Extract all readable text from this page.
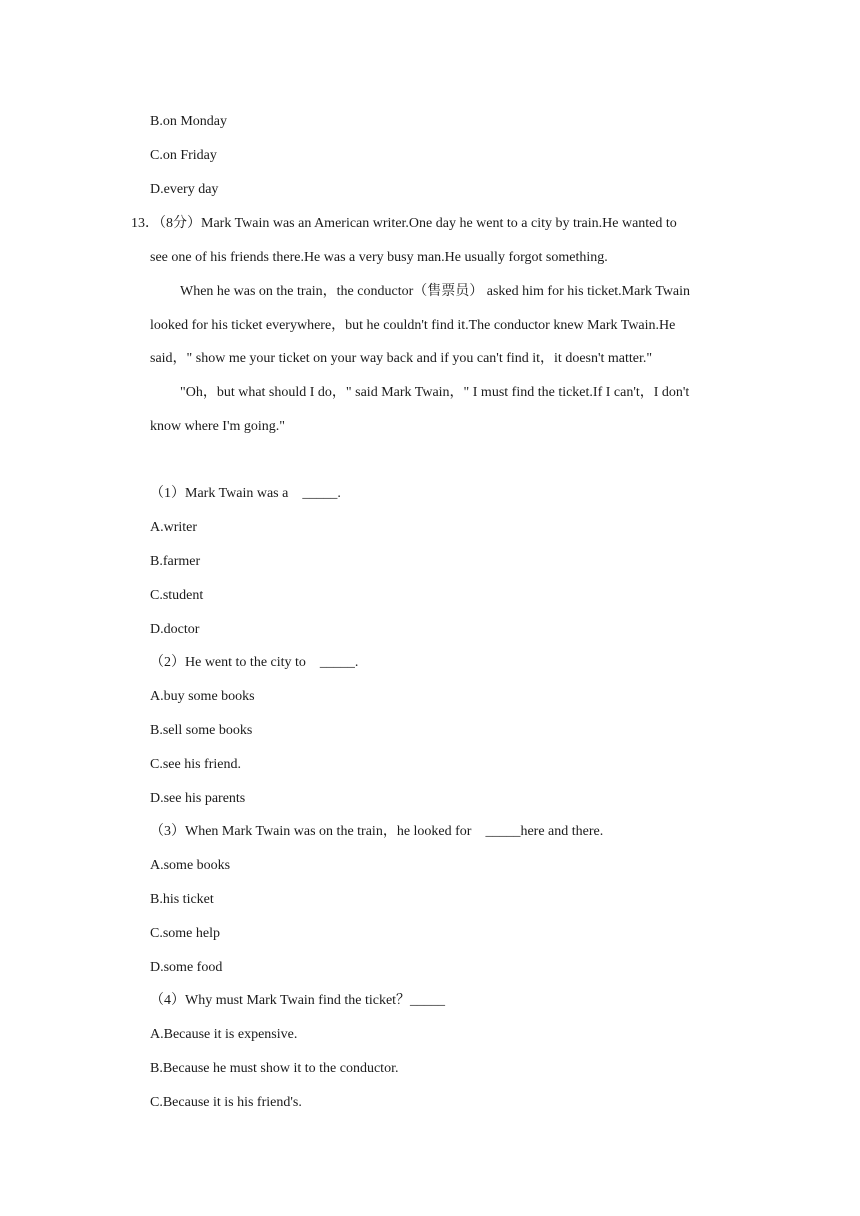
B.on Monday
C.on Friday
D.every day
13．（8分）Mark Twain was an American writer.One day he went to a city by train.He wanted to
see one of his friends there.He was a very busy man.He usually forgot something.
When he was on the train，the conductor（售票员） asked him for his ticket.Mark Twain
looked for his ticket everywhere，but he couldn't find it.The conductor knew Mark Twain.He
said，" show me your ticket on your way back and if you can't find it，it doesn't matter."
"Oh，but what should I do，" said Mark Twain，" I must find the ticket.If I can't，I don't
know where I'm going."
（1）Mark Twain was a　_____.
A.writer
B.farmer
C.student
D.doctor
（2）He went to the city to　_____.
A.buy some books
B.sell some books
C.see his friend.
D.see his parents
（3）When Mark Twain was on the train，he looked for　_____here and there.
A.some books
B.his ticket
C.some help
D.some food
（4）Why must Mark Twain find the ticket？_____
A.Because it is expensive.
B.Because he must show it to the conductor.
C.Because it is his friend's.
